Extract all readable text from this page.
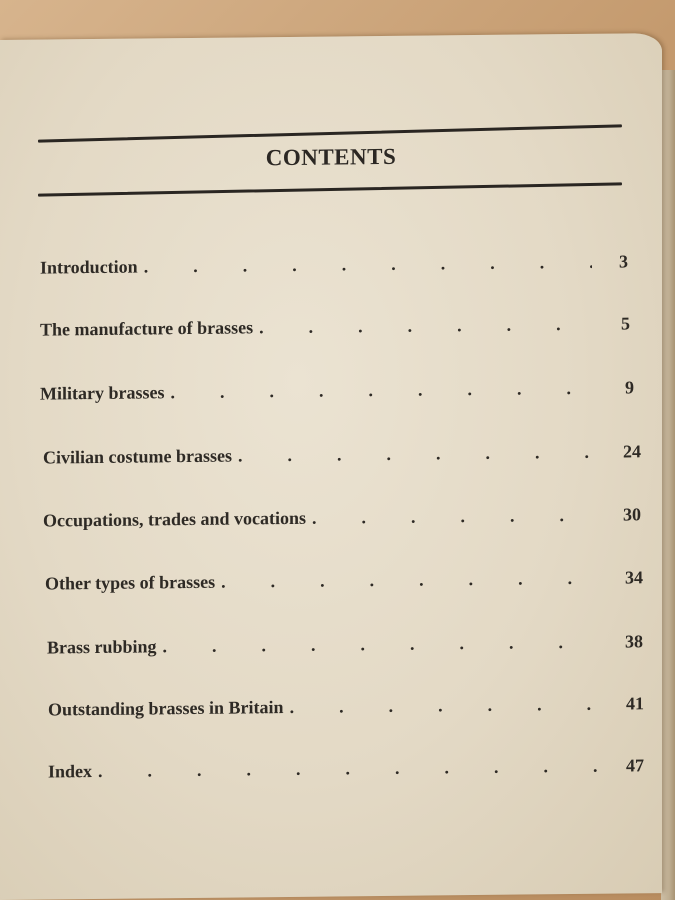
CONTENTS
Introduction .	3
The manufacture of brasses .	5
Military brasses .	9
Civilian costume brasses .	24
Occupations, trades and vocations .	30
Other types of brasses .	34
Brass rubbing .	38
Outstanding brasses in Britain .	41
Index .	47
